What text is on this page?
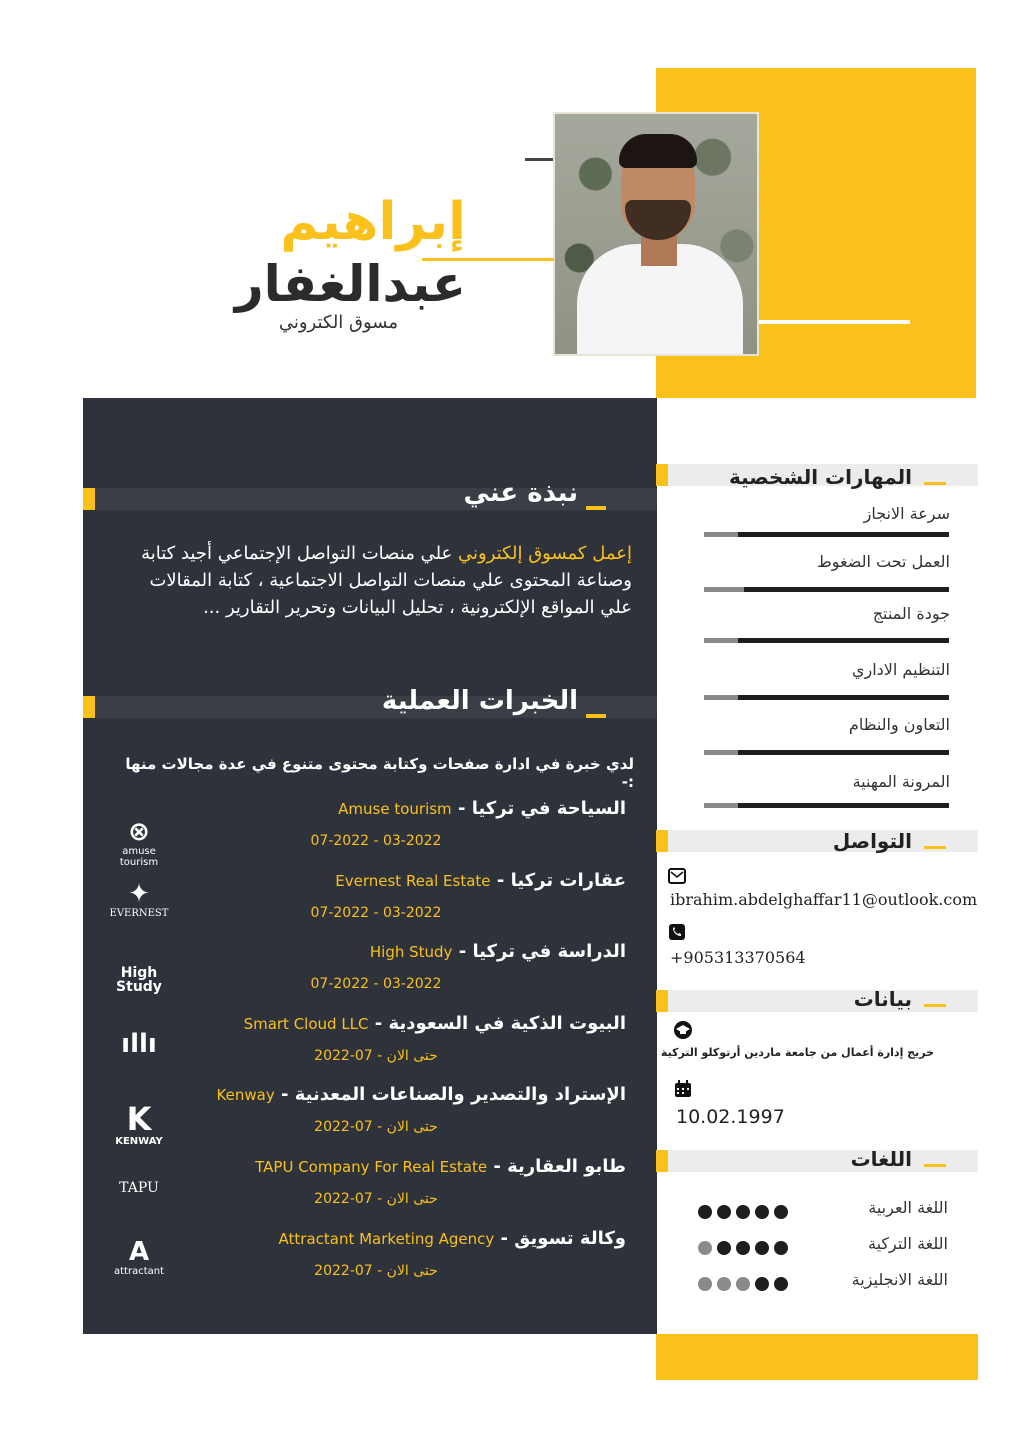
إبراهيم
عبدالغفار
مسوق الكتروني
نبذة عني
إعمل كمسوق إلكتروني علي منصات التواصل الإجتماعي أجيد كتابة وصناعة المحتوى علي منصات التواصل الاجتماعية ، كتابة المقالات علي المواقع الإلكترونية ، تحليل البيانات وتحرير التقارير ...
الخبرات العملية
لدي خبرة في ادارة صفحات وكتابة محتوى متنوع في عدة مجالات منها :-
السياحة في تركيا - Amuse tourism
03-2022 - 07-2022
عقارات تركيا - Evernest Real Estate
03-2022 - 07-2022
الدراسة في تركيا - High Study
03-2022 - 07-2022
البيوت الذكية في السعودية - Smart Cloud LLC
حتى الان - 07-2022
الإستراد والتصدير والصناعات المعدنية - Kenway
حتى الان - 07-2022
طابو العقارية - TAPU Company For Real Estate
حتى الان - 07-2022
وكالة تسويق - Attractant Marketing Agency
حتى الان - 07-2022
⊗
amuse tourism
✦
EVERNEST
High Study
ıllı
K
KENWAY
TAPU
A
attractant
المهارات الشخصية
سرعة الانجاز
العمل تحت الضغوط
جودة المنتج
التنظيم الاداري
التعاون والنظام
المرونة المهنية
التواصل
ibrahim.abdelghaffar11@outlook.com
+905313370564
بيانات
خريج إدارة أعمال من جامعة ماردين أرتوكلو التركية
10.02.1997
اللغات
اللغة العربية
اللغة التركية
اللغة الانجليزية
